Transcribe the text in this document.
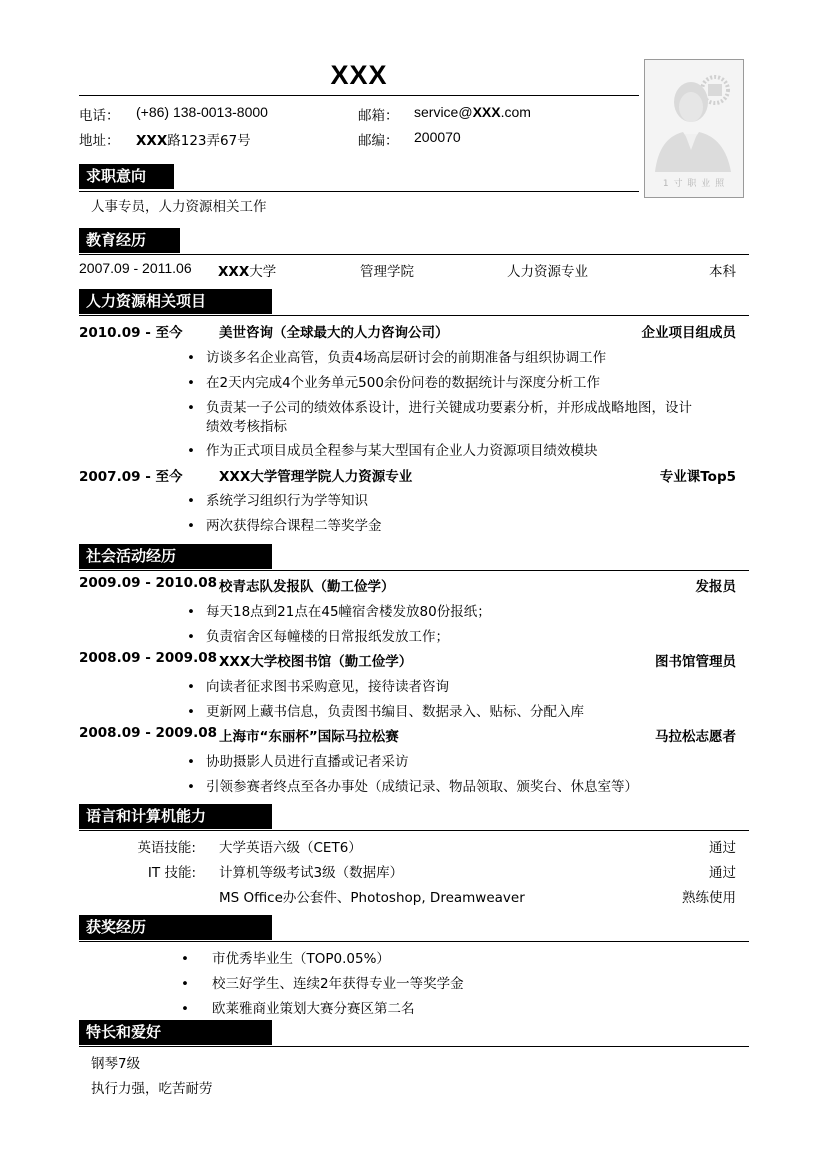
XXX
电话： (+86) 138-0013-8000	邮箱： service@XXX.com
地址： XXX路123弄67号	邮编： 200070
1 寸 职 业 照
求职意向
人事专员，人力资源相关工作
教育经历
2007.09 - 2011.06 XXX大学	管理学院	人力资源专业	本科
人力资源相关项目
2010.09 - 至今	美世咨询（全球最大的人力咨询公司）	企业项目组成员
• 访谈多名企业高管，负责4场高层研讨会的前期准备与组织协调工作
• 在2天内完成4个业务单元500余份问卷的数据统计与深度分析工作
• 负责某一子公司的绩效体系设计，进行关键成功要素分析，并形成战略地图，设计
绩效考核指标
• 作为正式项目成员全程参与某大型国有企业人力资源项目绩效模块
2007.09 - 至今	XXX大学管理学院人力资源专业	专业课Top5
• 系统学习组织行为学等知识
• 两次获得综合课程二等奖学金
社会活动经历
2009.09 - 2010.08 校青志队发报队（勤工俭学）	发报员
• 每天18点到21点在45幢宿舍楼发放80份报纸；
• 负责宿舍区每幢楼的日常报纸发放工作；
2008.09 - 2009.08 XXX大学校图书馆（勤工俭学）	图书馆管理员
• 向读者征求图书采购意见，接待读者咨询
• 更新网上藏书信息，负责图书编目、数据录入、贴标、分配入库
2008.09 - 2009.08 上海市“东丽杯”国际马拉松赛	马拉松志愿者
• 协助摄影人员进行直播或记者采访
• 引领参赛者终点至各办事处（成绩记录、物品领取、颁奖台、休息室等）
语言和计算机能力
英语技能: 大学英语六级（CET6）	通过
IT 技能: 计算机等级考试3级（数据库）	通过
MS Office办公套件、Photoshop, Dreamweaver	熟练使用
获奖经历
• 市优秀毕业生（TOP0.05%）
• 校三好学生、连续2年获得专业一等奖学金
• 欧莱雅商业策划大赛分赛区第二名
特长和爱好
钢琴7级
执行力强，吃苦耐劳
